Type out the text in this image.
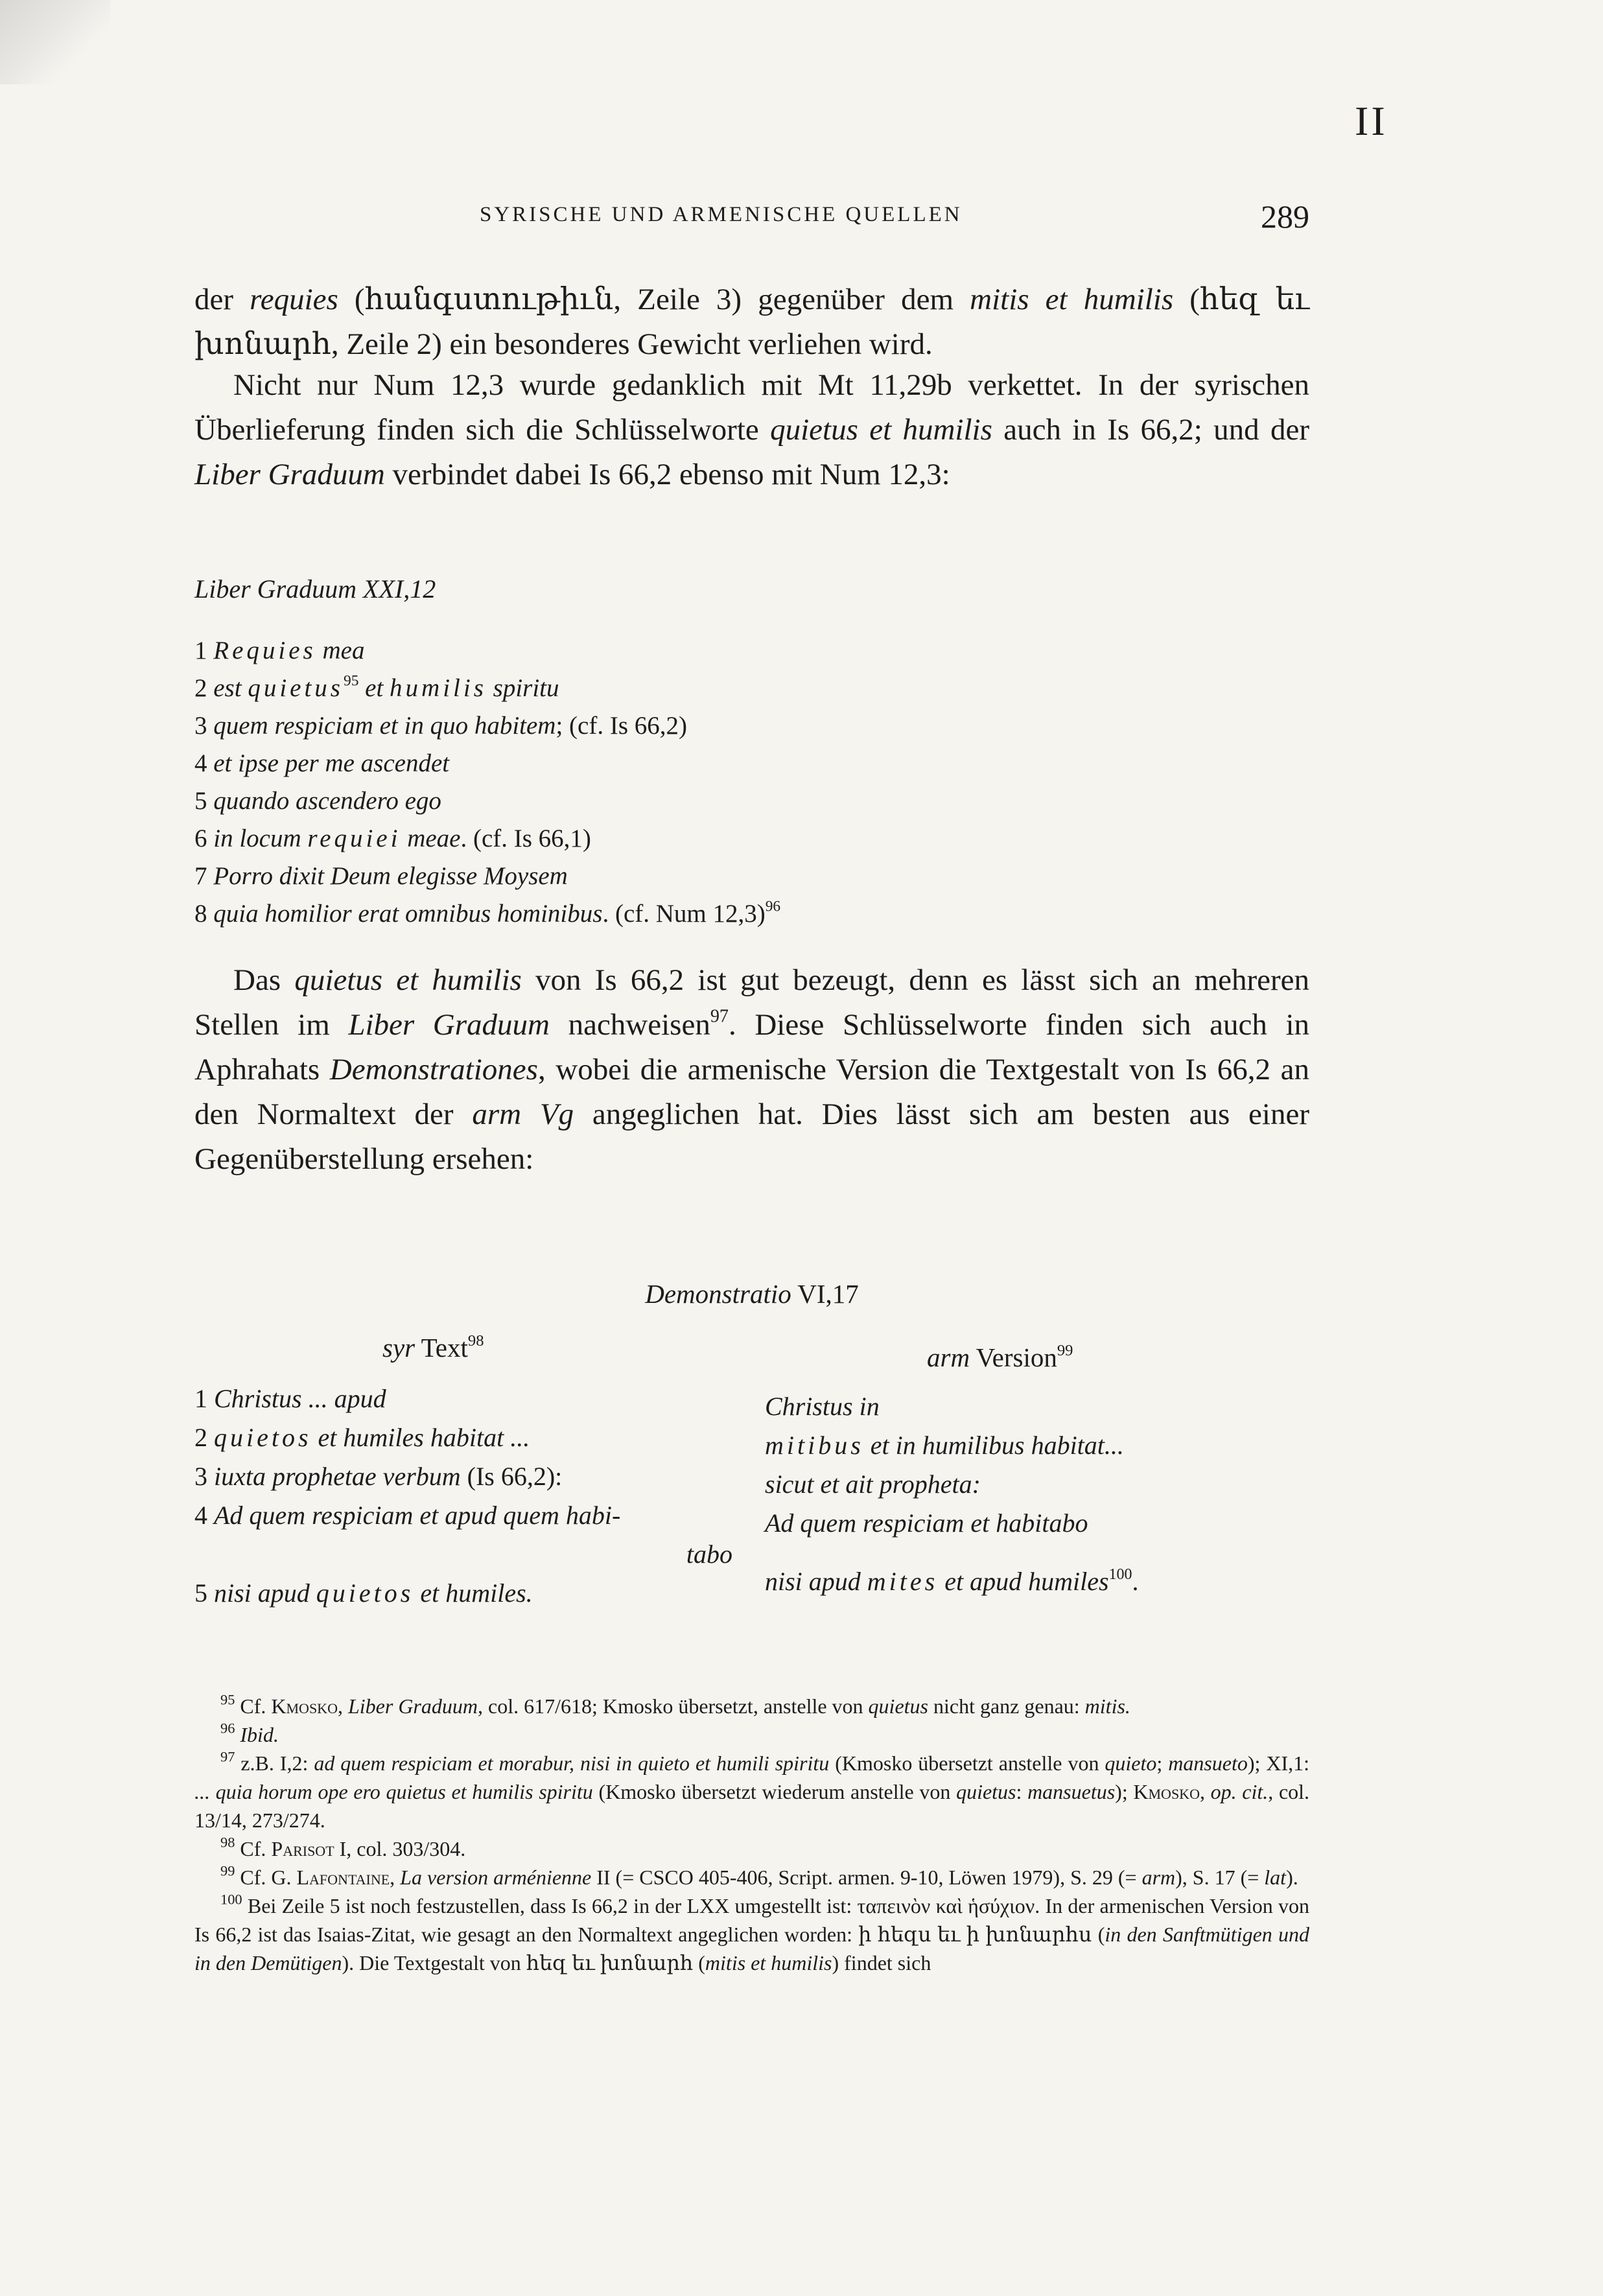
II
SYRISCHE UND ARMENISCHE QUELLEN	289

der requies (հանգստութիւն, Zeile 3) gegenüber dem mitis et humilis (հեզ եւ խոնարհ, Zeile 2) ein besonderes Gewicht verliehen wird.

Nicht nur Num 12,3 wurde gedanklich mit Mt 11,29b verkettet. In der syrischen Überlieferung finden sich die Schlüsselworte quietus et humilis auch in Is 66,2; und der Liber Graduum verbindet dabei Is 66,2 ebenso mit Num 12,3:

Liber Graduum XXI,12
1 Requies mea
2 est quietus$^{95}$ et humilis spiritu
3 quem respiciam et in quo habitem; (cf. Is 66,2)
4 et ipse per me ascendet
5 quando ascendero ego
6 in locum requiei meae. (cf. Is 66,1)
7 Porro dixit Deum elegisse Moysem
8 quia homilior erat omnibus hominibus. (cf. Num 12,3)$^{96}$

Das quietus et humilis von Is 66,2 ist gut bezeugt, denn es lässt sich an mehreren Stellen im Liber Graduum nachweisen$^{97}$. Diese Schlüsselworte finden sich auch in Aphrahats Demonstrationes, wobei die armenische Version die Textgestalt von Is 66,2 an den Normaltext der arm Vg angeglichen hat. Dies lässt sich am besten aus einer Gegenüberstellung ersehen:

Demonstratio VI,17
syr Text$^{98}$
arm Version$^{99}$
1 Christus ... apud
2 quietos et humiles habitat ...
3 iuxta prophetae verbum (Is 66,2):
4 Ad quem respiciam et apud quem habi-
tabo
5 nisi apud quietos et humiles.
Christus in
mitibus et in humilibus habitat...
sicut et ait propheta:
Ad quem respiciam et habitabo
nisi apud mites et apud humiles$^{100}$.

$^{95}$ Cf. Kmosko, Liber Graduum, col. 617/618; Kmosko übersetzt, anstelle von quietus nicht ganz genau: mitis.

$^{96}$ Ibid.

$^{97}$ z.B. I,2: ad quem respiciam et morabur, nisi in quieto et humili spiritu (Kmosko übersetzt anstelle von quieto; mansueto); XI,1: ... quia horum ope ero quietus et humilis spiritu (Kmosko übersetzt wiederum anstelle von quietus: mansuetus); Kmosko, op. cit., col. 13/14, 273/274.

$^{98}$ Cf. Parisot I, col. 303/304.

$^{99}$ Cf. G. Lafontaine, La version arménienne II (= CSCO 405-406, Script. armen. 9-10, Löwen 1979), S. 29 (= arm), S. 17 (= lat).

$^{100}$ Bei Zeile 5 ist noch festzustellen, dass Is 66,2 in der LXX umgestellt ist: ταπεινὸν καὶ ἡσύχιον. In der armenischen Version von Is 66,2 ist das Isaias-Zitat, wie gesagt an den Normaltext angeglichen worden: ի հեզս եւ ի խոնարհս (in den Sanftmütigen und in den Demütigen). Die Textgestalt von հեզ եւ խոնարհ (mitis et humilis) findet sich
